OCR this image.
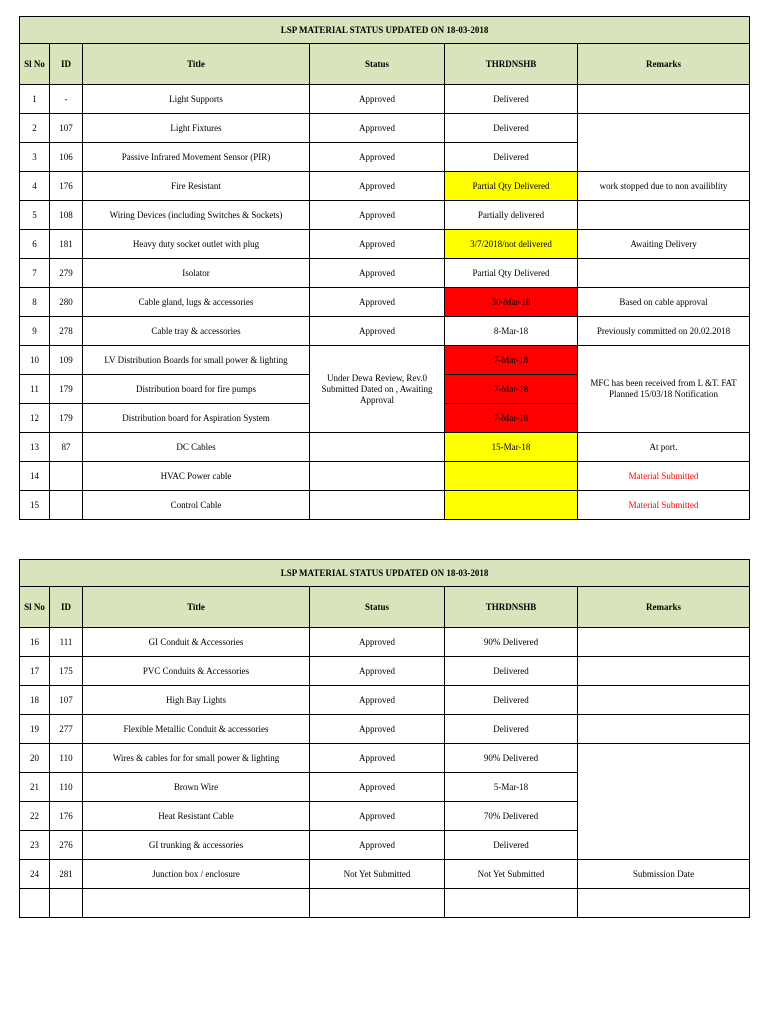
LSP MATERIAL STATUS UPDATED ON 18-03-2018					
Sl No	ID	Title	Status	THRDNSHB	Remarks
1	-	Light Supports	Approved	Delivered	
2	107	Light Fixtures	Approved	Delivered	
3	106	Passive Infrared Movement Sensor (PIR)	Approved	Delivered	
4	176	Fire Resistant	Approved	Partial Qty Delivered	work stopped due to non availiblity
5	108	Wiring Devices (including Switches & Sockets)	Approved	Partially delivered	
6	181	Heavy duty socket outlet with plug	Approved	3/7/2018/not delivered	Awaiting Delivery
7	279	Isolator	Approved	Partial Qty Delivered	
8	280	Cable gland, lugs & accessories	Approved	30-Mar-18	Based on cable approval
9	278	Cable tray & accessories	Approved	8-Mar-18	Previously committed on 20.02.2018
10	109	LV Distribution Boards for small power & lighting	Under Dewa Review, Rev.0 Submitted Dated on , Awaiting Approval	7-Mar-18	MFC has been received from L &T. FAT Planned 15/03/18 Notification
11	179	Distribution board for fire pumps		7-Mar-18	
12	179	Distribution board for Aspiration System		7-Mar-18	
13	87	DC Cables		15-Mar-18	At port.
14		HVAC Power cable			Material Submitted
15		Control Cable			Material Submitted
LSP MATERIAL STATUS UPDATED ON 18-03-2018					
Sl No	ID	Title	Status	THRDNSHB	Remarks
16	111	GI Conduit & Accessories	Approved	90% Delivered	
17	175	PVC Conduits & Accessories	Approved	Delivered	
18	107	High Bay Lights	Approved	Delivered	
19	277	Flexible Metallic Conduit & accessories	Approved	Delivered	
20	110	Wires & cables for for small power & lighting	Approved	90% Delivered	
21	110	Brown Wire	Approved	5-Mar-18	
22	176	Heat Resistant Cable	Approved	70% Delivered	
23	276	GI trunking & accessories	Approved	Delivered	
24	281	Junction box / enclosure	Not Yet Submitted	Not Yet Submitted	Submission Date
